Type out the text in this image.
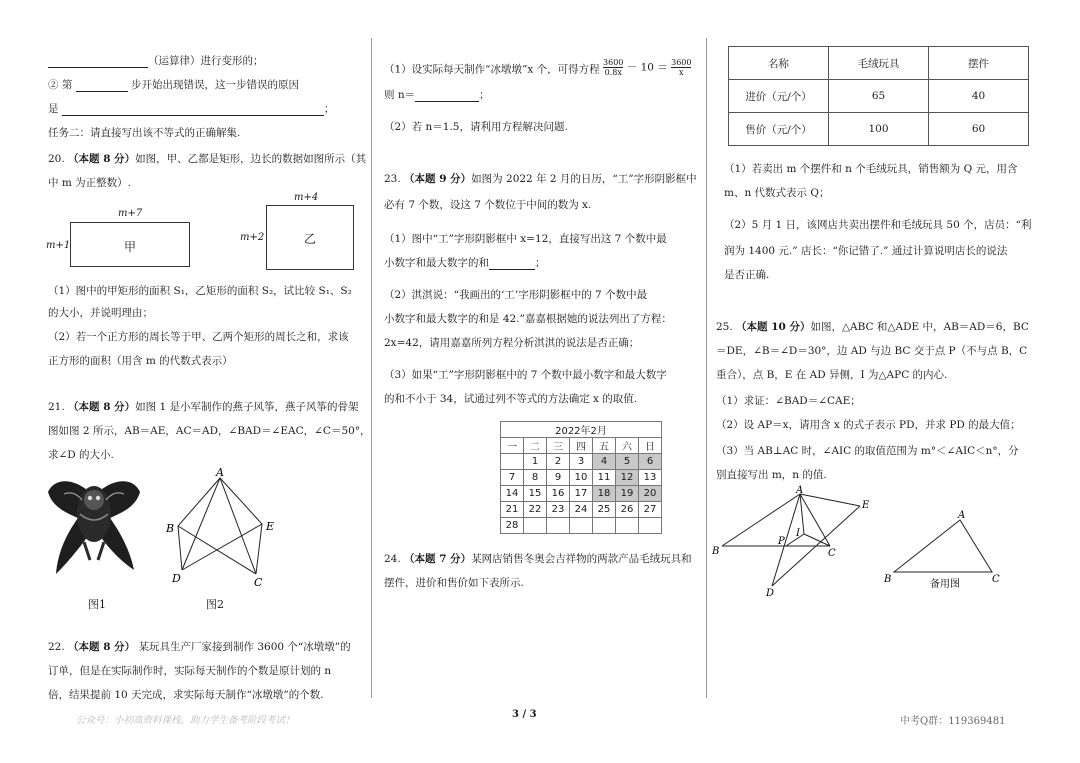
（运算律）进行变形的；
② 第	步开始出现错误，这一步错误的原因
是	；
任务二：请直接写出该不等式的正确解集.
20. （本题 8 分）如图，甲、乙都是矩形，边长的数据如图所示（其
中 m 为正整数）.
m+7
m+1	甲
m+4
m+2	乙
（1）图中的甲矩形的面积 S₁，乙矩形的面积 S₂，试比较 S₁、S₂
的大小，并说明理由；
（2）若一个正方形的周长等于甲、乙两个矩形的周长之和，求该
正方形的面积（用含 m 的代数式表示）
21. （本题 8 分）如图 1 是小军制作的燕子风筝，燕子风筝的骨架
图如图 2 所示，AB＝AE，AC＝AD，∠BAD＝∠EAC，∠C＝50°，
求∠D 的大小.
图1
A
B	E
D	C
图2
22. （本题 8 分） 某玩具生产厂家接到制作 3600 个“冰墩墩”的
订单，但是在实际制作时，实际每天制作的个数是原计划的 n
倍，结果提前 10 天完成，求实际每天制作“冰墩墩”的个数.
（1）设实际每天制作“冰墩墩”x 个，可得方程 $\frac{3600}{0.8x} - 10 = \frac{3600}{x}$
则 n＝	；
（2）若 n＝1.5，请利用方程解决问题.
23. （本题 9 分）如图为 2022 年 2 月的日历，“工”字形阴影框中
必有 7 个数，设这 7 个数位于中间的数为 x.
（1）图中“工”字形阴影框中 x=12，直接写出这 7 个数中最
小数字和最大数字的和	；
（2）淇淇说：“我画出的‘工’字形阴影框中的 7 个数中最
小数字和最大数字的和是 42.”嘉嘉根据她的说法列出了方程：
2x=42，请用嘉嘉所列方程分析淇淇的说法是否正确；
（3）如果“工”字形阴影框中的 7 个数中最小数字和最大数字
的和不小于 34，试通过列不等式的方法确定 x 的取值.
2022年2月						
一	二	三	四	五	六	日
	1	2	3	4	5	6
7	8	9	10	11	12	13
14	15	16	17	18	19	20
21	22	23	24	25	26	27
28						
24. （本题 7 分）某网店销售冬奥会吉祥物的两款产品毛绒玩具和
摆件，进价和售价如下表所示.
名称	毛绒玩具	摆件
进价（元/个）	65	40
售价（元/个）	100	60
（1）若卖出 m 个摆件和 n 个毛绒玩具，销售额为 Q 元，用含
m、n 代数式表示 Q；
（2）5 月 1 日，该网店共卖出摆件和毛绒玩具 50 个，店员：“利
润为 1400 元.” 店长：“你记错了.” 通过计算说明店长的说法
是否正确.
25. （本题 10 分）如图，△ABC 和△ADE 中，AB＝AD＝6，BC
＝DE，∠B＝∠D＝30°，边 AD 与边 BC 交于点 P（不与点 B，C
重合），点 B，E 在 AD 异侧，I 为△APC 的内心.
（1）求证：∠BAD＝∠CAE；
（2）设 AP＝x，请用含 x 的式子表示 PD，并求 PD 的最大值；
（3）当 AB⊥AC 时，∠AIC 的取值范围为 m°＜∠AIC＜n°，分
别直接写出 m，n 的值.
A
E
B	C
P
I
D
A
B	C
备用图
公众号：小初高资料课栈，助力学生备考阶段考试！
3 / 3
中考Q群：119369481
